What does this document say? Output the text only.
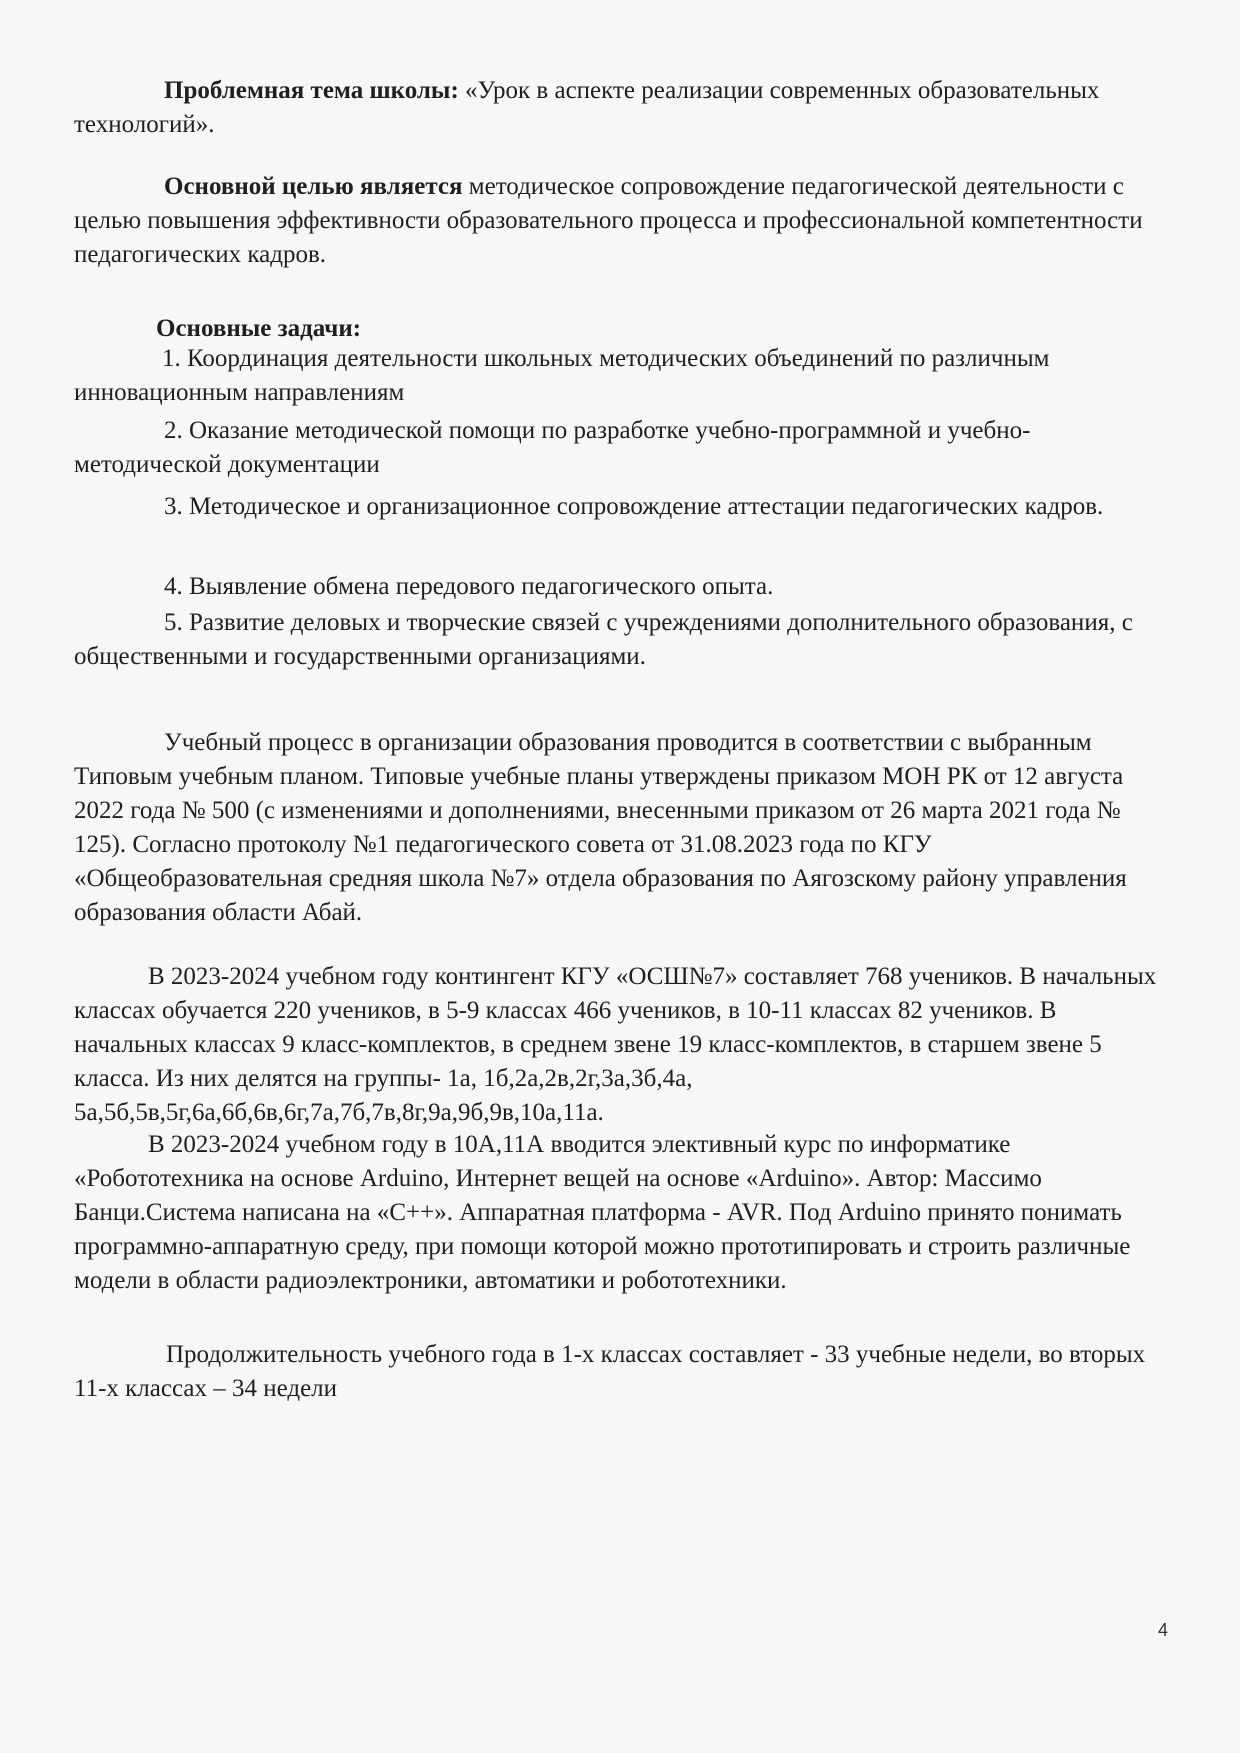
Проблемная тема школы: «Урок в аспекте реализации современных образовательных технологий».

Основной целью является методическое сопровождение педагогической деятельности с целью повышения эффективности образовательного процесса и профессиональной компетентности педагогических кадров.

Основные задачи:

1. Координация деятельности школьных методических объединений по различным инновационным направлениям

2. Оказание методической помощи по разработке учебно-программной и учебно-методической документации

3. Методическое и организационное сопровождение аттестации педагогических кадров.

4. Выявление обмена передового педагогического опыта.

5. Развитие деловых и творческие связей с учреждениями дополнительного образования, с общественными и государственными организациями.

Учебный процесс в организации образования проводится в соответствии с выбранным Типовым учебным планом. Типовые учебные планы утверждены приказом МОН РК от 12 августа 2022 года № 500 (с изменениями и дополнениями, внесенными приказом от 26 марта 2021 года № 125). Согласно протоколу №1 педагогического совета от 31.08.2023 года по КГУ «Общеобразовательная средняя школа №7» отдела образования по Аягозскому району управления образования области Абай.

В 2023-2024 учебном году контингент КГУ «ОСШ№7» составляет 768 учеников. В начальных классах обучается 220 учеников, в 5-9 классах 466 учеников, в 10-11 классах 82 учеников. В начальных классах 9 класс-комплектов, в среднем звене 19 класс-комплектов, в старшем звене 5 класса. Из них делятся на группы- 1а, 1б,2а,2в,2г,3а,3б,4а, 5а,5б,5в,5г,6а,6б,6в,6г,7а,7б,7в,8г,9а,9б,9в,10а,11а.

В 2023-2024 учебном году в 10А,11А вводится элективный курс по информатике «Робототехника на основе Arduino, Интернет вещей на основе «Arduino». Автор: Массимо Банци.Система написана на «С++». Аппаратная платформа - AVR. Под Arduino принято понимать программно-аппаратную среду, при помощи которой можно прототипировать и строить различные модели в области радиоэлектроники, автоматики и робототехники.

Продолжительность учебного года в 1-х классах составляет - 33 учебные недели, во вторых 11-х классах – 34 недели

4
